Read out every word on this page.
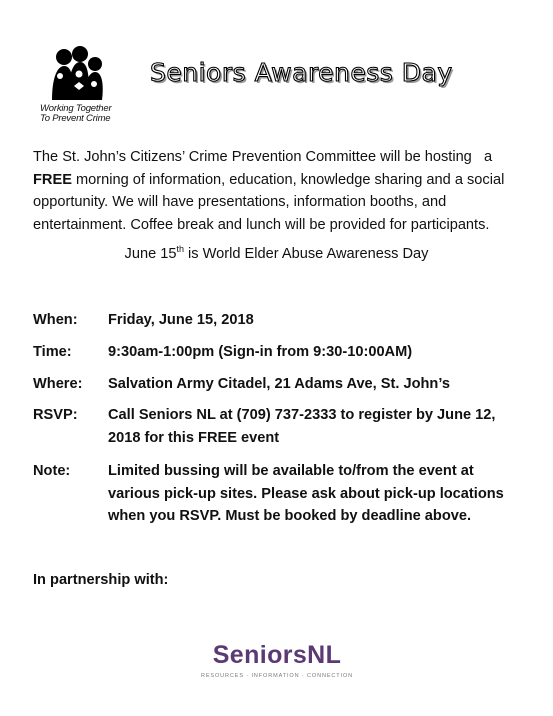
Working Together
To Prevent Crime
Seniors Awareness Day
The St. John’s Citizens’ Crime Prevention Committee will be hosting   a FREE morning of information, education, knowledge sharing and a social opportunity. We will have presentations, information booths, and entertainment. Coffee break and lunch will be provided for participants.
June 15th is World Elder Abuse Awareness Day
When:	Friday, June 15, 2018
Time:	9:30am-1:00pm (Sign-in from 9:30-10:00AM)
Where:	Salvation Army Citadel, 21 Adams Ave, St. John’s
RSVP:	Call Seniors NL at (709) 737-2333 to register by June 12, 2018 for this FREE event
Note:	Limited bussing will be available to/from the event at various pick-up sites. Please ask about pick-up locations when you RSVP. Must be booked by deadline above.
In partnership with:
SeniorsNL
RESOURCES · INFORMATION · CONNECTION
